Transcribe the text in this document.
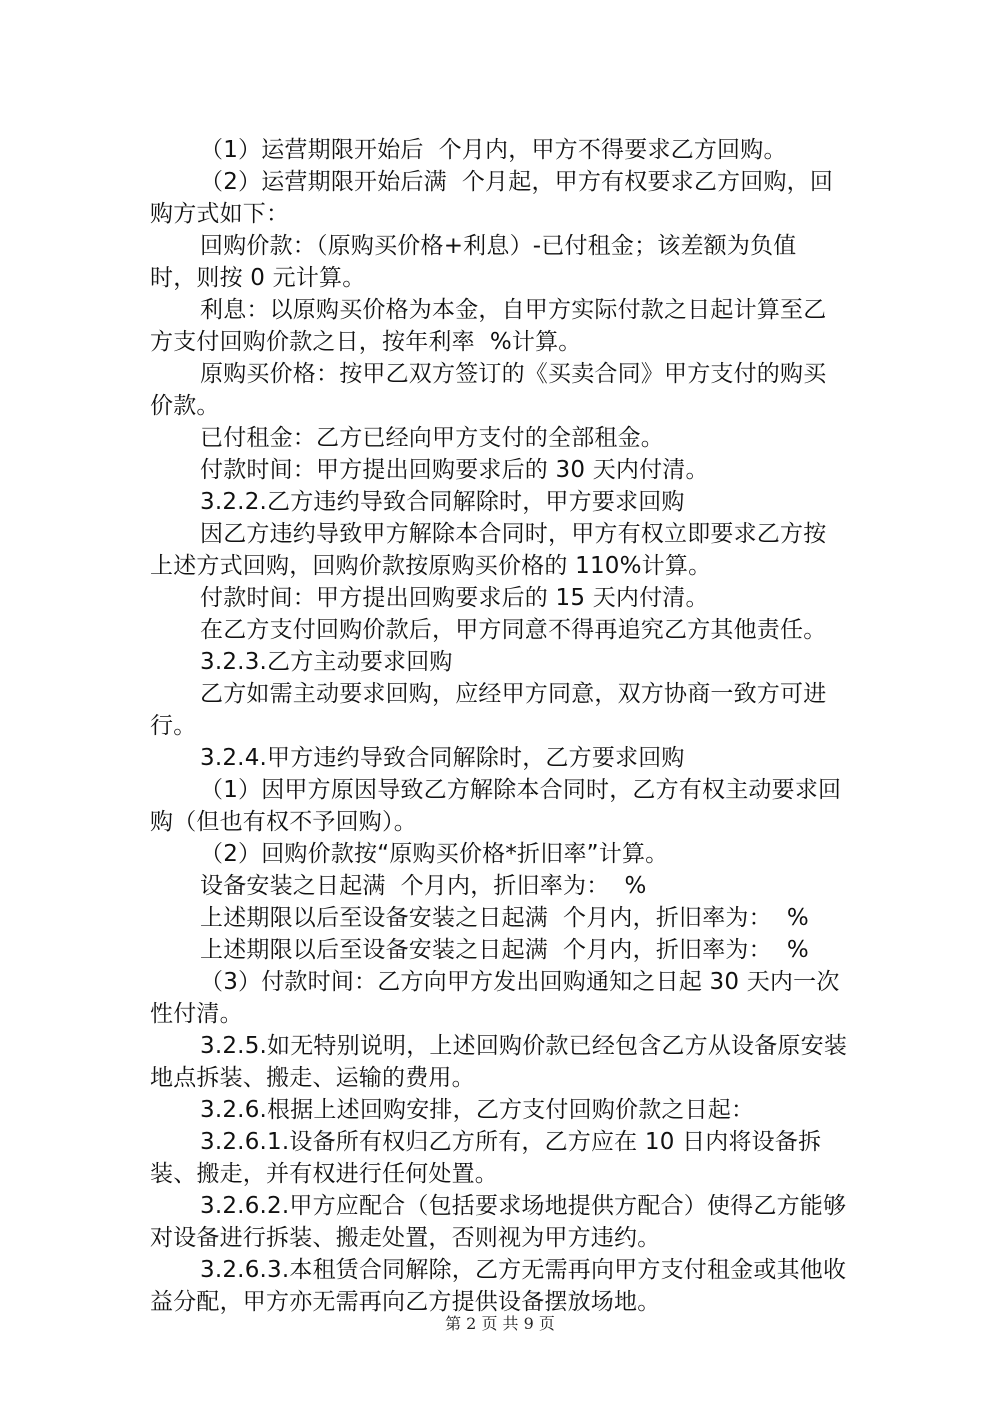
（1）运营期限开始后  个月内，甲方不得要求乙方回购。
（2）运营期限开始后满  个月起，甲方有权要求乙方回购，回
购方式如下：
回购价款：（原购买价格+利息）-已付租金；该差额为负值
时，则按 0 元计算。
利息：以原购买价格为本金，自甲方实际付款之日起计算至乙
方支付回购价款之日，按年利率  %计算。
原购买价格：按甲乙双方签订的《买卖合同》甲方支付的购买
价款。
已付租金：乙方已经向甲方支付的全部租金。
付款时间：甲方提出回购要求后的 30 天内付清。
3.2.2.乙方违约导致合同解除时，甲方要求回购
因乙方违约导致甲方解除本合同时，甲方有权立即要求乙方按
上述方式回购，回购价款按原购买价格的 110%计算。
付款时间：甲方提出回购要求后的 15 天内付清。
在乙方支付回购价款后，甲方同意不得再追究乙方其他责任。
3.2.3.乙方主动要求回购
乙方如需主动要求回购，应经甲方同意，双方协商一致方可进
行。
3.2.4.甲方违约导致合同解除时，乙方要求回购
（1）因甲方原因导致乙方解除本合同时，乙方有权主动要求回
购（但也有权不予回购）。
（2）回购价款按“原购买价格*折旧率”计算。
设备安装之日起满  个月内，折旧率为：  %
上述期限以后至设备安装之日起满  个月内，折旧率为：  %
上述期限以后至设备安装之日起满  个月内，折旧率为：  %
（3）付款时间：乙方向甲方发出回购通知之日起 30 天内一次
性付清。
3.2.5.如无特别说明，上述回购价款已经包含乙方从设备原安装
地点拆装、搬走、运输的费用。
3.2.6.根据上述回购安排，乙方支付回购价款之日起：
3.2.6.1.设备所有权归乙方所有，乙方应在 10 日内将设备拆
装、搬走，并有权进行任何处置。
3.2.6.2.甲方应配合（包括要求场地提供方配合）使得乙方能够
对设备进行拆装、搬走处置，否则视为甲方违约。
3.2.6.3.本租赁合同解除，乙方无需再向甲方支付租金或其他收
益分配，甲方亦无需再向乙方提供设备摆放场地。
第 2 页 共 9 页
